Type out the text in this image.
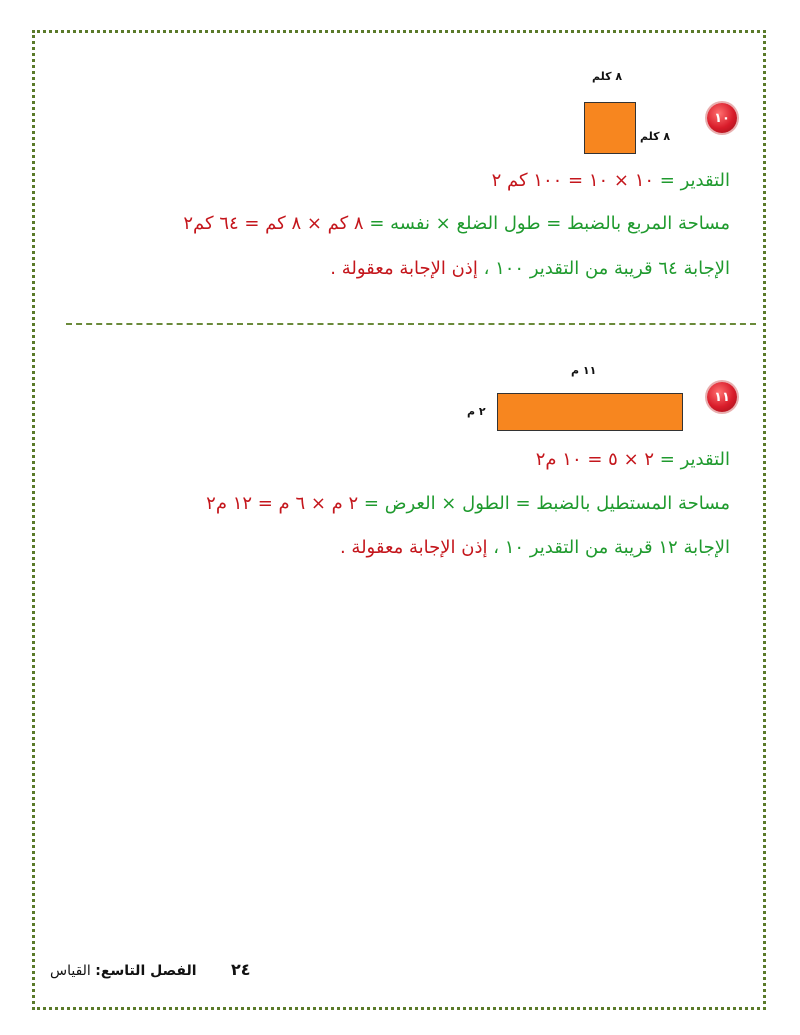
٨ كلم
٨ كلم
١٠
التقدير = ١٠ × ١٠ = ١٠٠ كم ٢
مساحة المربع بالضبط = طول الضلع × نفسه = ٨ كم × ٨ كم = ٦٤ كم٢
الإجابة ٦٤ قريبة من التقدير ١٠٠ ، إذن الإجابة معقولة .
١١ م
٢ م
١١
التقدير = ٢ × ٥ = ١٠ م٢
مساحة المستطيل بالضبط = الطول × العرض = ٢ م × ٦ م = ١٢ م٢
الإجابة ١٢ قريبة من التقدير ١٠ ، إذن الإجابة معقولة .
٢٤ الفصل التاسع: القياس
